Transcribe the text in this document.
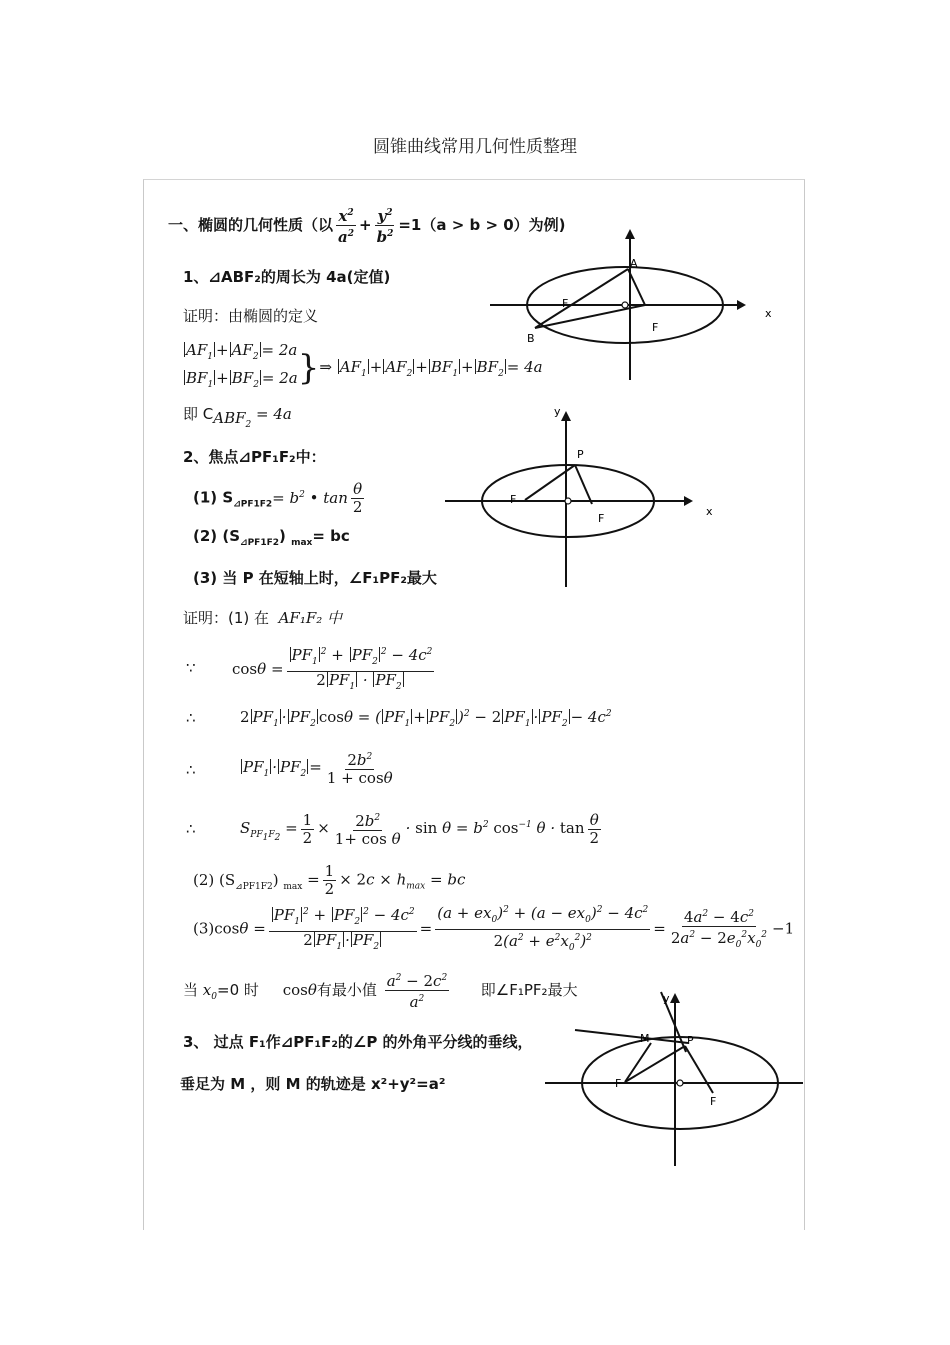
圆锥曲线常用几何性质整理
一、椭圆的几何性质（以 $\frac{x^2}{a^2} + \frac{y^2}{b^2} =1(a > b > 0)$为例)
1、⊿ABF₂的周长为 4a(定值)
证明：由椭圆的定义
$AF_1 + AF_2 = 2a$
$BF_1 + BF_2 = 2a$ }⇒ $AF_1 + AF_2 + BF_1 + BF_2 = 4a$
即 $C_{ABF_2} = 4a$
2、焦点⊿PF₁F₂中：
(1) $S_{⊿PF1F2}= b^2$ • $\tan \frac{\theta}{2}$
(2) $(S_{⊿PF1F2})$ $_{max}$= bc
(3) 当 P 在短轴上时，∠F₁PF₂最大
证明：(1) 在 AF₁F₂ 中
∵ $\cos\theta = \frac{PF_1^2 + PF_2^2 - 4c^2}{2 PF_1 \cdot PF_2}$
∴	2 $PF_1 \cdot PF_2$ cosθ = ( $PF_1 + PF_2$ )$^2$ − 2 $PF_1 \cdot PF_2 - 4c^2$
∴	$PF_1 \cdot PF_2 = \frac{2b^2}{1 + \cos\theta}$
∴	$S_{PF_1F_2} = \frac{1}{2} \times \frac{2b^2}{\text{1+ cos θ}} \cdot \sin \theta = b^2$ $\cos^{-1} \theta \cdot \tan \frac{\theta}{2}$
(2) $(S_{⊿PF1F2}) _{max} = \frac{1}{2} \times 2c \times h_{max}$ = bc
$(3)\cos\theta = \frac{PF_1^2 + PF_2^2 - 4c^2}{2 PF_1 \cdot PF_2} = \frac{(a + ex_0)^2 + (a - ex_0)^2 - 4c^2}{2(a^2 + e^2x_0^2)^2} = \frac{4a^2 - 4c^2}{2a^2 - 2e_0^2x_0^2} -1$
当 $x_0=0$ 时 cosθ有最小值 $\frac{a^2 - 2c^2}{a^2}$ 即∠F₁PF₂最大
3、 过点 F₁作⊿PF₁F₂的∠P 的外角平分线的垂线，
垂足为 M ，则 M 的轨迹是 x²+y²=a²
A
B
F
F
x
y
P
F
F
x
y
P
M
F
F
